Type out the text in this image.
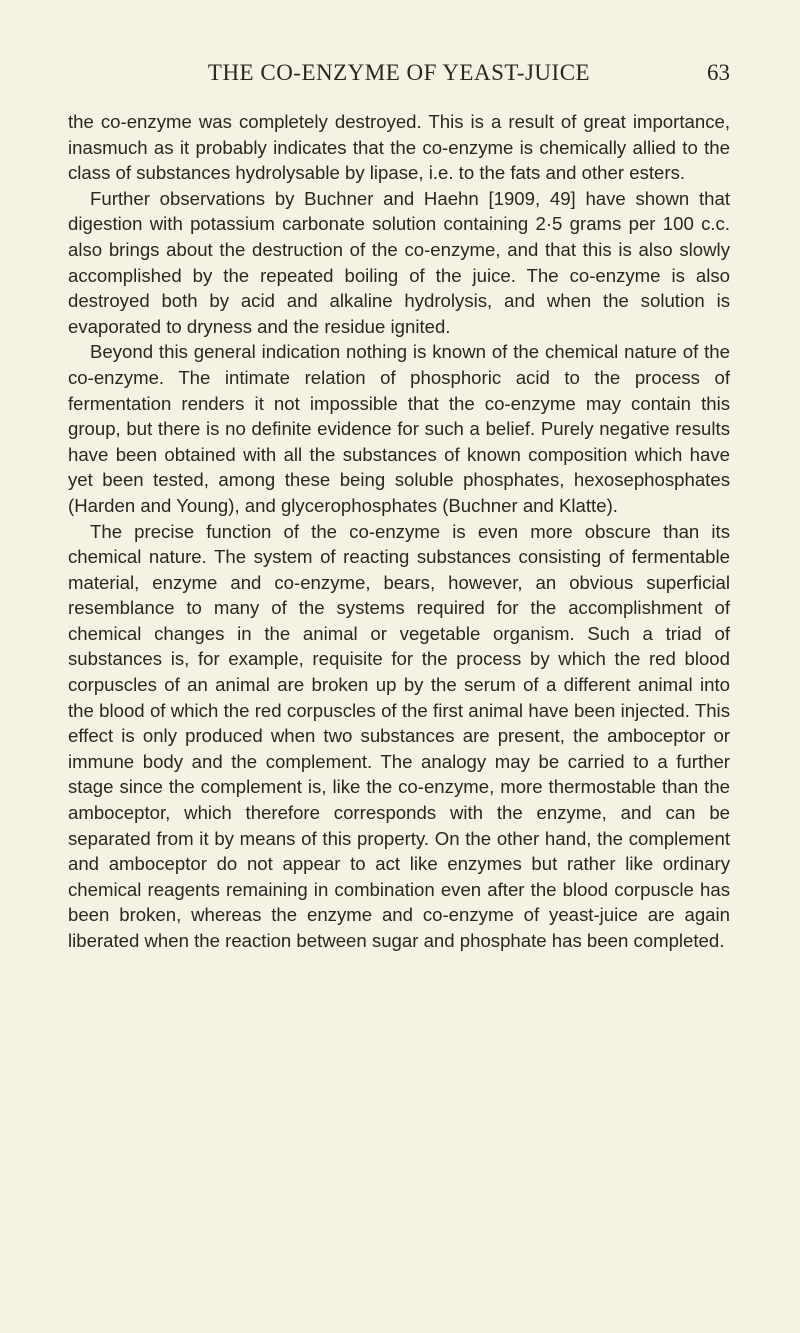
THE CO-ENZYME OF YEAST-JUICE	63

the co-enzyme was completely destroyed. This is a result of great importance, inasmuch as it probably indicates that the co-enzyme is chemically allied to the class of substances hydrolysable by lipase, i.e. to the fats and other esters.

Further observations by Buchner and Haehn [1909, 49] have shown that digestion with potassium carbonate solution containing 2·5 grams per 100 c.c. also brings about the destruction of the co-enzyme, and that this is also slowly accomplished by the repeated boiling of the juice. The co-enzyme is also destroyed both by acid and alkaline hydrolysis, and when the solution is evaporated to dryness and the residue ignited.

Beyond this general indication nothing is known of the chemical nature of the co-enzyme. The intimate relation of phosphoric acid to the process of fermentation renders it not impossible that the co-enzyme may contain this group, but there is no definite evidence for such a belief. Purely negative results have been obtained with all the substances of known composition which have yet been tested, among these being soluble phosphates, hexosephosphates (Harden and Young), and glycerophosphates (Buchner and Klatte).

The precise function of the co-enzyme is even more obscure than its chemical nature. The system of reacting substances consisting of fermentable material, enzyme and co-enzyme, bears, however, an obvious superficial resemblance to many of the systems required for the accomplishment of chemical changes in the animal or vegetable organism. Such a triad of substances is, for example, requisite for the process by which the red blood corpuscles of an animal are broken up by the serum of a different animal into the blood of which the red corpuscles of the first animal have been injected. This effect is only produced when two substances are present, the amboceptor or immune body and the complement. The analogy may be carried to a further stage since the complement is, like the co-enzyme, more thermostable than the amboceptor, which therefore corresponds with the enzyme, and can be separated from it by means of this property. On the other hand, the complement and amboceptor do not appear to act like enzymes but rather like ordinary chemical reagents remaining in combination even after the blood corpuscle has been broken, whereas the enzyme and co-enzyme of yeast-juice are again liberated when the reaction between sugar and phosphate has been completed.
